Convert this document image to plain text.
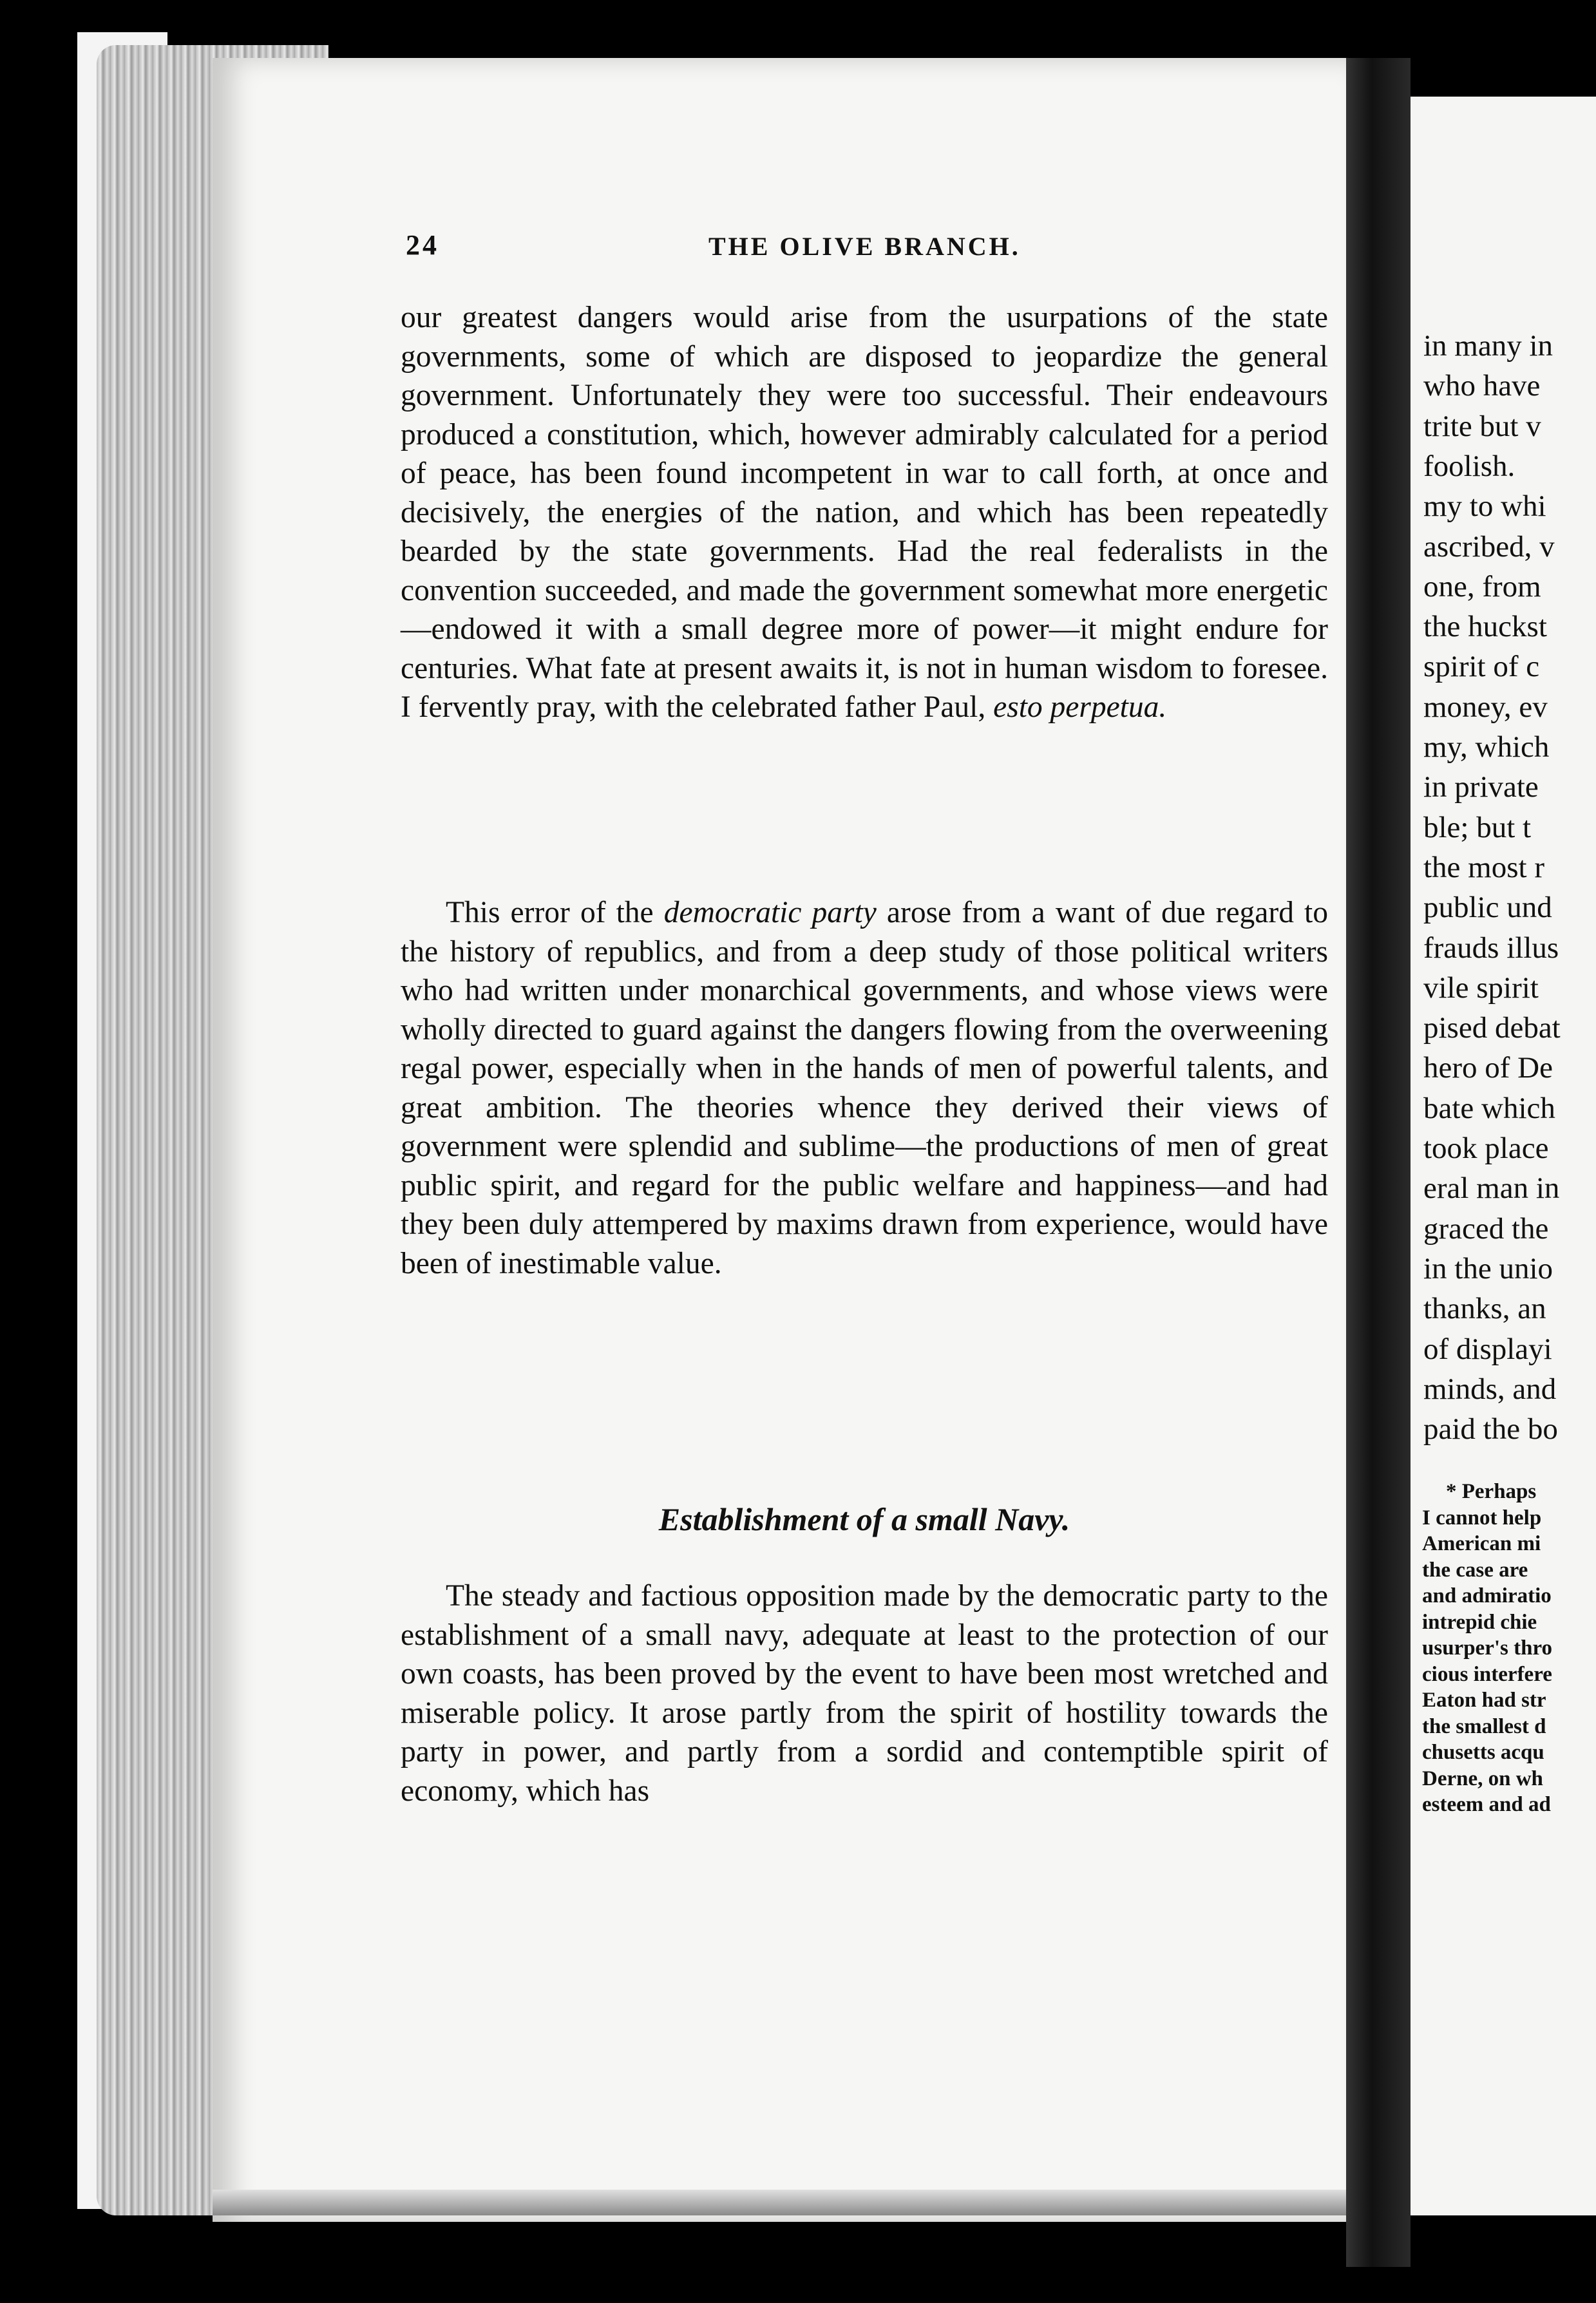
24	THE OLIVE BRANCH.

our greatest dangers would arise from the usurpations of the state governments, some of which are disposed to jeopardize the general government. Unfortunately they were too successful. Their endeavours produced a constitution, which, however admirably calculated for a period of peace, has been found incompetent in war to call forth, at once and decisively, the energies of the nation, and which has been repeatedly bearded by the state governments. Had the real federalists in the convention succeeded, and made the government somewhat more energetic—endowed it with a small degree more of power—it might endure for centuries. What fate at present awaits it, is not in human wisdom to foresee. I fervently pray, with the celebrated father Paul, esto perpetua.

This error of the democratic party arose from a want of due regard to the history of republics, and from a deep study of those political writers who had written under monarchical governments, and whose views were wholly directed to guard against the dangers flowing from the overweening regal power, especially when in the hands of men of powerful talents, and great ambition. The theories whence they derived their views of government were splendid and sublime—the productions of men of great public spirit, and regard for the public welfare and happiness—and had they been duly attempered by maxims drawn from experience, would have been of inestimable value.

Establishment of a small Navy.

The steady and factious opposition made by the democratic party to the establishment of a small navy, adequate at least to the protection of our own coasts, has been proved by the event to have been most wretched and miserable policy. It arose partly from the spirit of hostility towards the party in power, and partly from a sordid and contemptible spirit of economy, which has

in many in
who have
trite but v
foolish.
my to whi
ascribed, v
one, from
the huckst
spirit of c
money, ev
my, which
in private
ble; but t
the most r
public und
frauds illus
vile spirit
pised debat
hero of De
bate which
took place
eral man in
graced the
in the unio
thanks, an
of displayi
minds, and
paid the bo
* Perhaps
I cannot help
American mi
the case are
and admiratio
intrepid chie
usurper's thro
cious interfere
Eaton had str
the smallest d
chusetts acqu
Derne, on wh
esteem and ad
